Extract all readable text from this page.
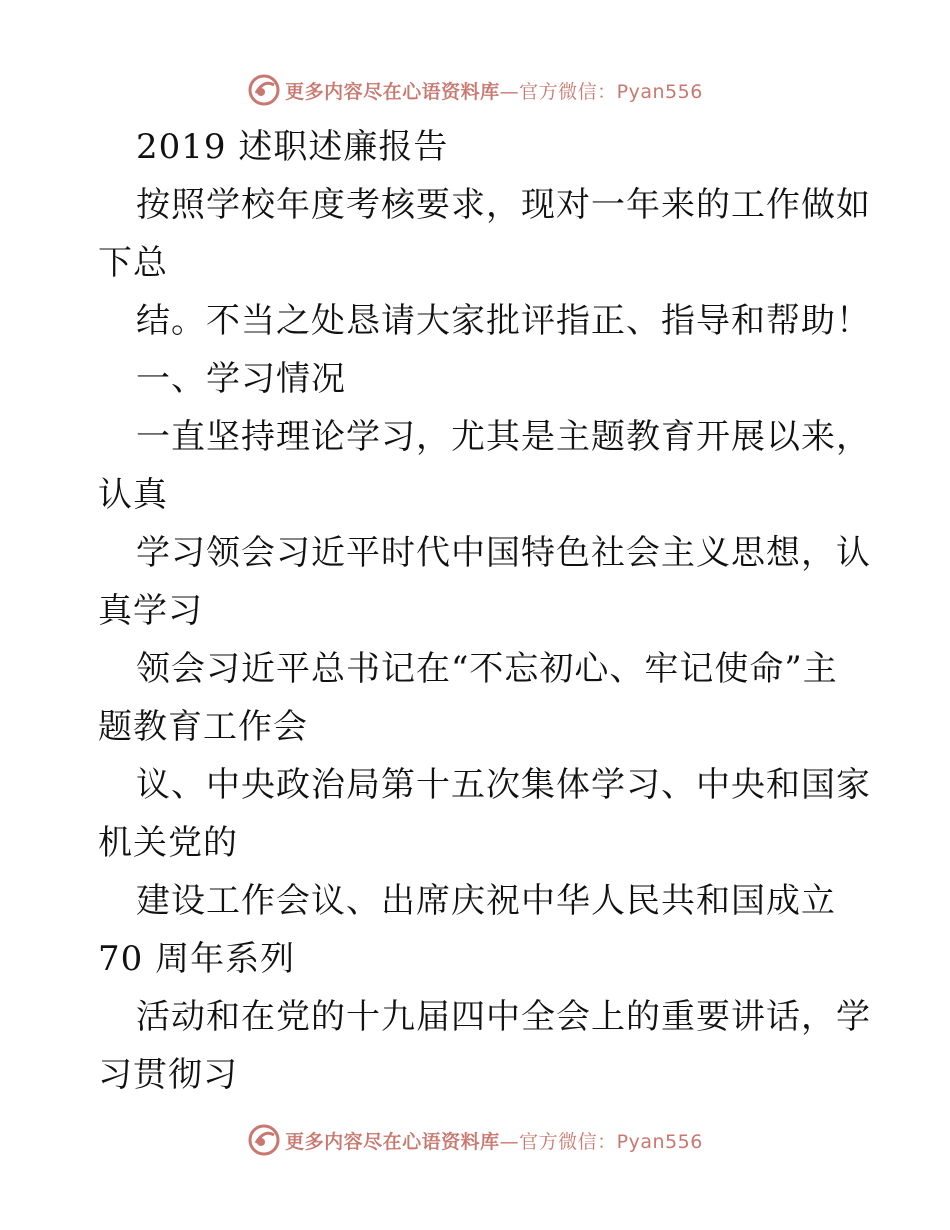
更多内容尽在心语资料库—官方微信：Pyan556
2019 述职述廉报告
按照学校年度考核要求，现对一年来的工作做如
下总
结。不当之处恳请大家批评指正、指导和帮助！
一、学习情况
一直坚持理论学习，尤其是主题教育开展以来，
认真
学习领会习近平时代中国特色社会主义思想，认
真学习
领会习近平总书记在“不忘初心、牢记使命”主
题教育工作会
议、中央政治局第十五次集体学习、中央和国家
机关党的
建设工作会议、出席庆祝中华人民共和国成立
70 周年系列
活动和在党的十九届四中全会上的重要讲话，学
习贯彻习
更多内容尽在心语资料库—官方微信：Pyan556
